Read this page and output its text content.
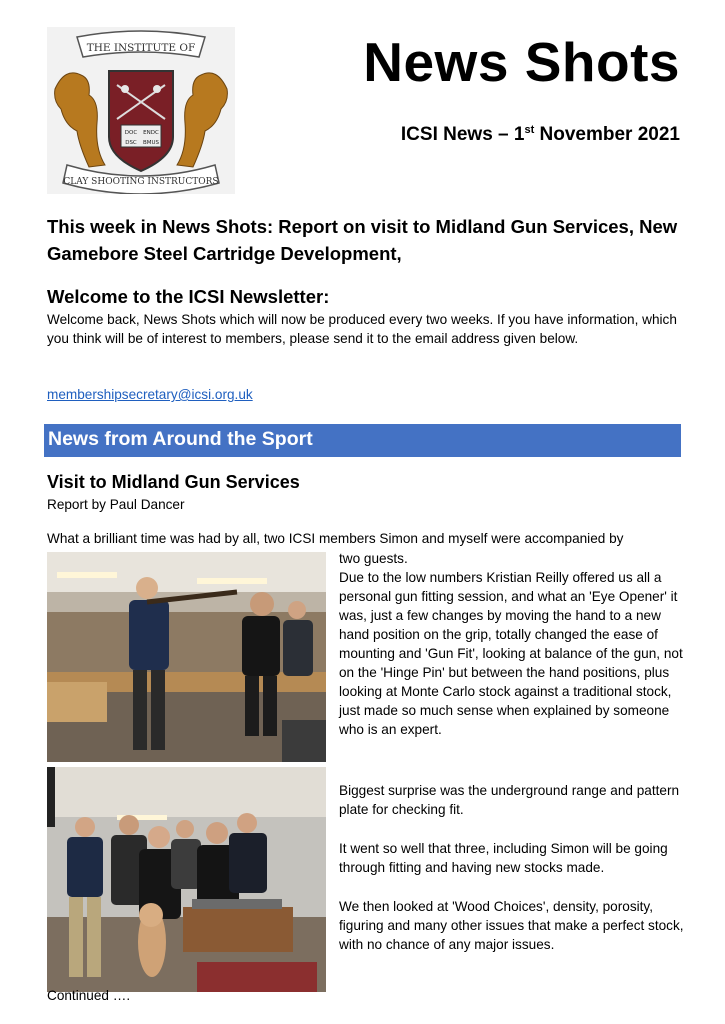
THE INSTITUTE OF
DOC ENDC
DSC BMUS
CLAY SHOOTING INSTRUCTORS
News Shots
ICSI News – 1st November 2021
This week in News Shots: Report on visit to Midland Gun Services, New Gamebore Steel Cartridge Development,
Welcome to the ICSI Newsletter:
Welcome back, News Shots which will now be produced every two weeks. If you have information, which you think will be of interest to members, please send it to the email address given below.
membershipsecretary@icsi.org.uk
News from Around the Sport
Visit to Midland Gun Services
Report by Paul Dancer
What a brilliant time was had by all, two ICSI members Simon and myself were accompanied by
two guests.
Due to the low numbers Kristian Reilly offered us all a personal gun fitting session, and what an 'Eye Opener' it was, just a few changes by moving the hand to a new hand position on the grip, totally changed the ease of mounting and 'Gun Fit', looking at balance of the gun, not on the 'Hinge Pin' but between the hand positions, plus looking at Monte Carlo stock against a traditional stock, just made so much sense when explained by someone who is an expert.
Biggest surprise was the underground range and pattern plate for checking fit.
It went so well that three, including Simon will be going through fitting and having new stocks made.
We then looked at 'Wood Choices', density, porosity, figuring and many other issues that make a perfect stock, with no chance of any major issues.
Continued ….
